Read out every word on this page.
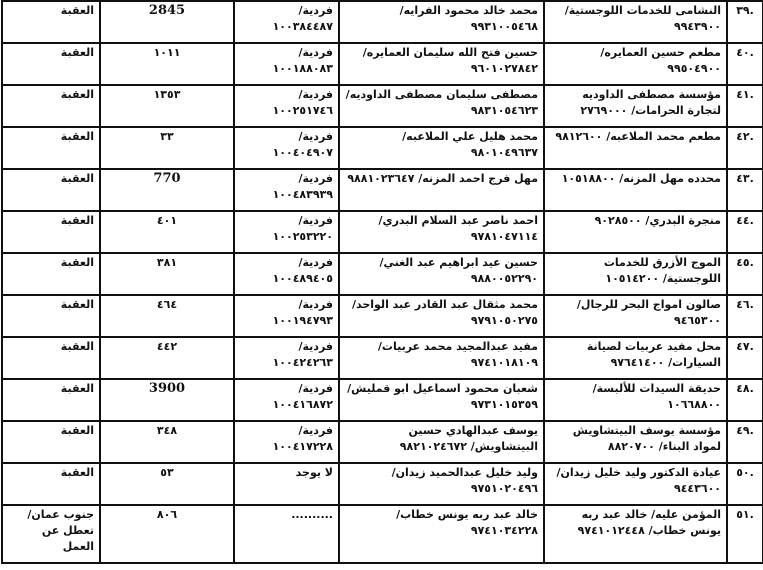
.٣٩	النشامى للخدمات اللوجستية/٩٩٤٣٩٠٠	محمد خالد محمود الفرايه/ ٩٩٣١٠٠٥٤٦٨	فردية/ ١٠٠٣٨٤٤٨٧	2845	العقبة
.٤٠	مطعم حسين العمايره/ ٩٩٥٠٤٩٠٠	حسين فتح الله سليمان العمايره/ ٩٦٠١٠٢٧٨٤٢	فردية/ ١٠٠١٨٨٠٨٣	١٠١١	العقبة
.٤١	مؤسسة مصطفى الداوديه لتجارة الحرامات/ ٢٧٦٩٠٠٠	مصطفى سليمان مصطفى الداوديه/ ٩٨٣١٠٥٤٦٢٣	فردية/ ١٠٠٢٥١٧٤٦	١٣٥٣	العقبة
.٤٢	مطعم محمد الملاعبه/ ٩٨١٢٦٠٠	محمد هليل علي الملاعبه/ ٩٨٠١٠٤٩٦٣٧	فردية/ ١٠٠٤٠٤٩٠٧	٣٣	العقبة
.٤٣	محدده مهل المزنه/ ١٠٥١٨٨٠٠	مهل فرج احمد المزنه/ ٩٨٨١٠٢٣٦٤٧	فردية/ ١٠٠٤٨٣٩٣٩	770	العقبة
.٤٤	منجرة البدري/ ٩٠٢٨٥٠٠	احمد ناصر عبد السلام البدري/ ٩٧٨١٠٤٧١١٤	فردية/ ١٠٠٢٥٣٢٢٠	٤٠١	العقبة
.٤٥	الموج الأزرق للخدمات اللوجستية/ ١٠٥١٤٢٠٠	حسين عيد ابراهيم عبد الغني/ ٩٨٨٠٠٥٢٢٩٠	فردية/ ١٠٠٤٨٩٤٠٥	٣٨١	العقبة
.٤٦	صالون امواج البحر للرجال/ ٩٤٦٥٣٠٠	محمد مثقال عبد القادر عبد الواحد/ ٩٧٩١٠٥٠٢٧٥	فردية/ ١٠٠١٩٤٧٩٣	٤٦٤	العقبة
.٤٧	محل مفيد عربيات لصيانة السيارات/ ٩٧٦٤١٤٠٠	مفيد عبدالمجيد محمد عربيات/ ٩٧٤١٠١٨١٠٩	فردية/ ١٠٠٤٢٤٢٦٣	٤٤٢	العقبة
.٤٨	حديقة السيدات للألبسة/ ١٠٦٦٨٨٠٠	شعبان محمود اسماعيل ابو قمليش/ ٩٧٣١٠١٥٣٥٩	فردية/ ١٠٠٤١٦٨٧٢	3900	العقبة
.٤٩	مؤسسة يوسف البيتشاويش لمواد البناء/ ٨٨٢٠٧٠٠	يوسف عبدالهادي حسين البيتشاويش/ ٩٨٢١٠٢٤٦٧٢	فردية/ ١٠٠٤١٧٢٢٨	٣٤٨	العقبة
.٥٠	عيادة الدكتور وليد خليل زيدان/ ٩٤٤٣٦٠٠	وليد خليل عبدالحميد زيدان/ ٩٧٥١٠٢٠٤٩٦	لا يوجد	٥٣	العقبة
.٥١	المؤمن عليه/ خالد عبد ربه يونس خطاب/ ٩٧٤١٠١٢٤٤٨	خالد عبد ربه يونس خطاب/ ٩٧٤١٠٣٤٢٢٨	..........	٨٠٦	جنوب عمان/ تعطل عن العمل
